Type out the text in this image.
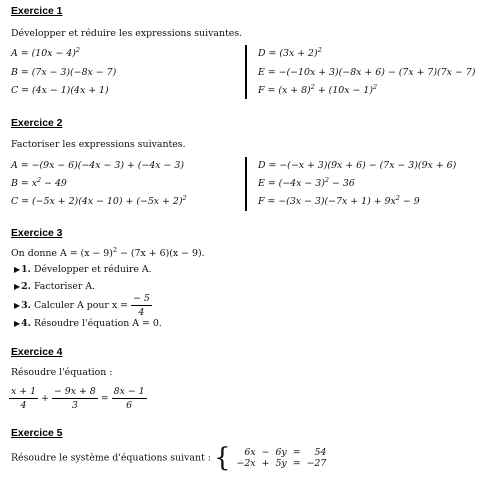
Exercice 1
Développer et réduire les expressions suivantes.
$A = (10x - 4)^2$
B = (7x − 3)(−8x − 7)
C = (4x − 1)(4x + 1)
$D = (3x + 2)^2$
E = −(−10x + 3)(−8x + 6) − (7x + 7)(7x − 7)
$F = (x + 8)^2 + (10x - 1)^2$
Exercice 2
Factoriser les expressions suivantes.
A = −(9x − 6)(−4x − 3) + (−4x − 3)
$B = x^2 - 49$
$C = (-5x + 2)(4x - 10) + (-5x + 2)^2$
D = −(−x + 3)(9x + 6) − (7x − 3)(9x + 6)
$E = (-4x - 3)^2 - 36$
$F = -(3x - 3)(-7x + 1) + 9x^2 - 9$
Exercice 3
On donne $A = (x - 9)^2 - (7x + 6)(x - 9)$.
▶1. Développer et réduire A.
▶2. Factoriser A.
▶3. Calculer A pour $x = \frac{- 5}{4}$
▶4. Résoudre l'équation A = 0.
Exercice 4
Résoudre l'équation :
$\frac{x + 1}{4} + \frac{- 9x + 8}{3} = \frac{8x - 1}{6}$
Exercice 5
Résoudre le système d'équations suivant : { 6x	−	6y	=	54
−2x	+	5y	=	−27
